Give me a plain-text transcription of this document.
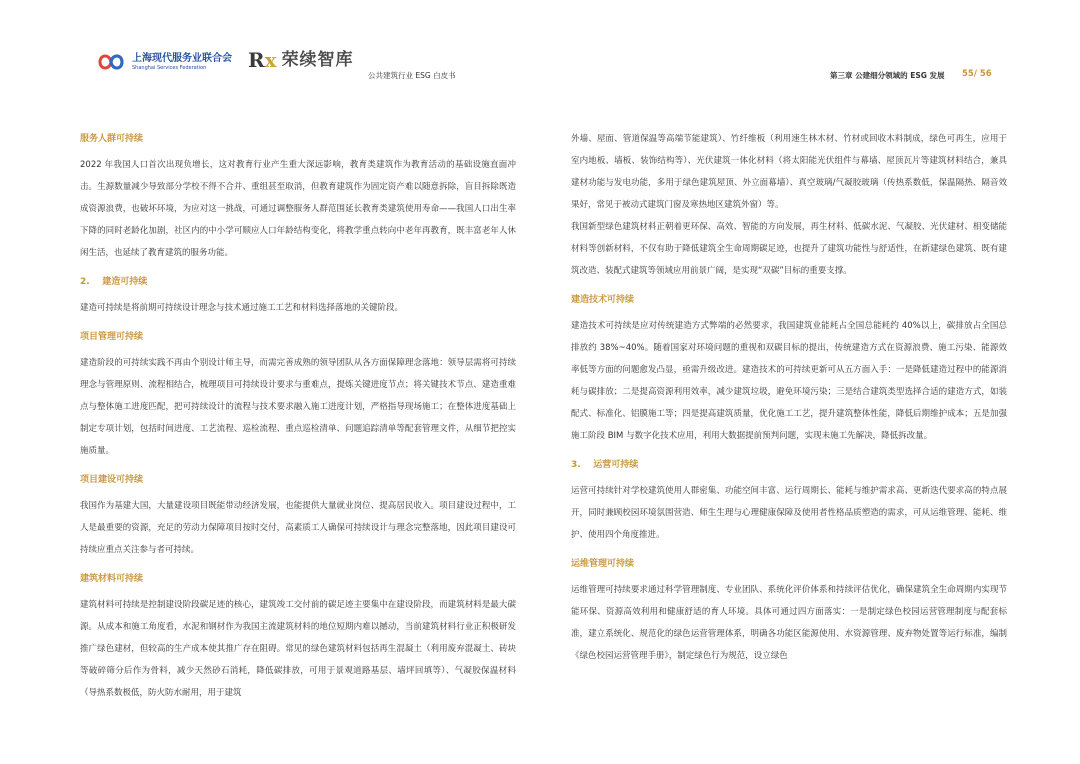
上海现代服务业联合会
Shanghai Services Federation	Rx 荣续智库
公共建筑行业 ESG 白皮书	第三章 公建细分领域的 ESG 发展 55/ 56
服务人群可持续

2022 年我国人口首次出现负增长，这对教育行业产生重大深远影响，教育类建筑作为教育活动的基础设施直面冲击。生源数量减少导致部分学校不得不合并、重组甚至取消，但教育建筑作为固定资产难以随意拆除，盲目拆除既造成资源浪费，也破坏环境，为应对这一挑战，可通过调整服务人群范围延长教育类建筑使用寿命——我国人口出生率下降的同时老龄化加剧，社区内的中小学可顺应人口年龄结构变化，将教学重点转向中老年再教育，既丰富老年人休闲生活，也延续了教育建筑的服务功能。

2.    建造可持续

建造可持续是将前期可持续设计理念与技术通过施工工艺和材料选择落地的关键阶段。

项目管理可持续

建造阶段的可持续实践不再由个别设计师主导，而需完善成熟的领导团队从各方面保障理念落地：领导层需将可持续理念与管理原则、流程相结合，梳理项目可持续设计要求与重难点，提炼关键进度节点；将关键技术节点、建造重难点与整体施工进度匹配，把可持续设计的流程与技术要求融入施工进度计划，严格指导现场施工；在整体进度基础上制定专项计划，包括时间进度、工艺流程、巡检流程、重点巡检清单、问题追踪清单等配套管理文件，从细节把控实施质量。

项目建设可持续

我国作为基建大国，大量建设项目既能带动经济发展，也能提供大量就业岗位、提高居民收入。项目建设过程中，工人是最重要的资源，充足的劳动力保障项目按时交付，高素质工人确保可持续设计与理念完整落地，因此项目建设可持续应重点关注参与者可持续。

建筑材料可持续

建筑材料可持续是控制建设阶段碳足迹的核心，建筑竣工交付前的碳足迹主要集中在建设阶段，而建筑材料是最大碳源。从成本和施工角度看，水泥和钢材作为我国主流建筑材料的地位短期内难以撼动，当前建筑材料行业正积极研发推广绿色建材，但较高的生产成本使其推广存在阻碍。常见的绿色建筑材料包括再生混凝土（利用废弃混凝土、砖块等破碎筛分后作为骨料，减少天然砂石消耗，降低碳排放，可用于景观道路基层、墙坪回填等）、气凝胶保温材料（导热系数极低，防火防水耐用，用于建筑

外墙、屋面、管道保温等高端节能建筑）、竹纤维板（利用速生林木材、竹材或回收木料制成，绿色可再生，应用于室内地板、墙板、装饰结构等）、光伏建筑一体化材料（将太阳能光伏组件与幕墙、屋顶瓦片等建筑材料结合，兼具建材功能与发电功能，多用于绿色建筑屋顶、外立面幕墙）、真空玻璃/气凝胶玻璃（传热系数低，保温隔热、隔音效果好，常见于被动式建筑门窗及寒热地区建筑外窗）等。

我国新型绿色建筑材料正朝着更环保、高效、智能的方向发展，再生材料、低碳水泥、气凝胶、光伏建材、相变储能材料等创新材料，不仅有助于降低建筑全生命周期碳足迹，也提升了建筑功能性与舒适性，在新建绿色建筑、既有建筑改造、装配式建筑等领域应用前景广阔，是实现“双碳”目标的重要支撑。

建造技术可持续

建造技术可持续是应对传统建造方式弊端的必然要求，我国建筑业能耗占全国总能耗约 40%以上，碳排放占全国总排放约 38%~40%。随着国家对环境问题的重视和双碳目标的提出，传统建造方式在资源浪费、施工污染、能源效率低等方面的问题愈发凸显，亟需升级改进。建造技术的可持续更新可从五方面入手：一是降低建造过程中的能源消耗与碳排放；二是提高资源利用效率，减少建筑垃圾，避免环境污染；三是结合建筑类型选择合适的建造方式，如装配式、标准化、铝膜施工等；四是提高建筑质量，优化施工工艺，提升建筑整体性能，降低后期维护成本；五是加强施工阶段 BIM 与数字化技术应用，利用大数据提前预判问题，实现未施工先解决，降低拆改量。

3.    运营可持续

运营可持续针对学校建筑使用人群密集、功能空间丰富、运行周期长、能耗与维护需求高、更新迭代要求高的特点展开，同时兼顾校园环境氛围营造、师生生理与心理健康保障及使用者性格品质塑造的需求，可从运维管理、能耗、维护、使用四个角度推进。

运维管理可持续

运维管理可持续要求通过科学管理制度、专业团队、系统化评价体系和持续评估优化，确保建筑全生命周期内实现节能环保、资源高效利用和健康舒适的育人环境。具体可通过四方面落实：一是制定绿色校园运营管理制度与配套标准，建立系统化、规范化的绿色运营管理体系，明确各功能区能源使用、水资源管理、废弃物处置等运行标准，编制《绿色校园运营管理手册》，制定绿色行为规范，设立绿色
